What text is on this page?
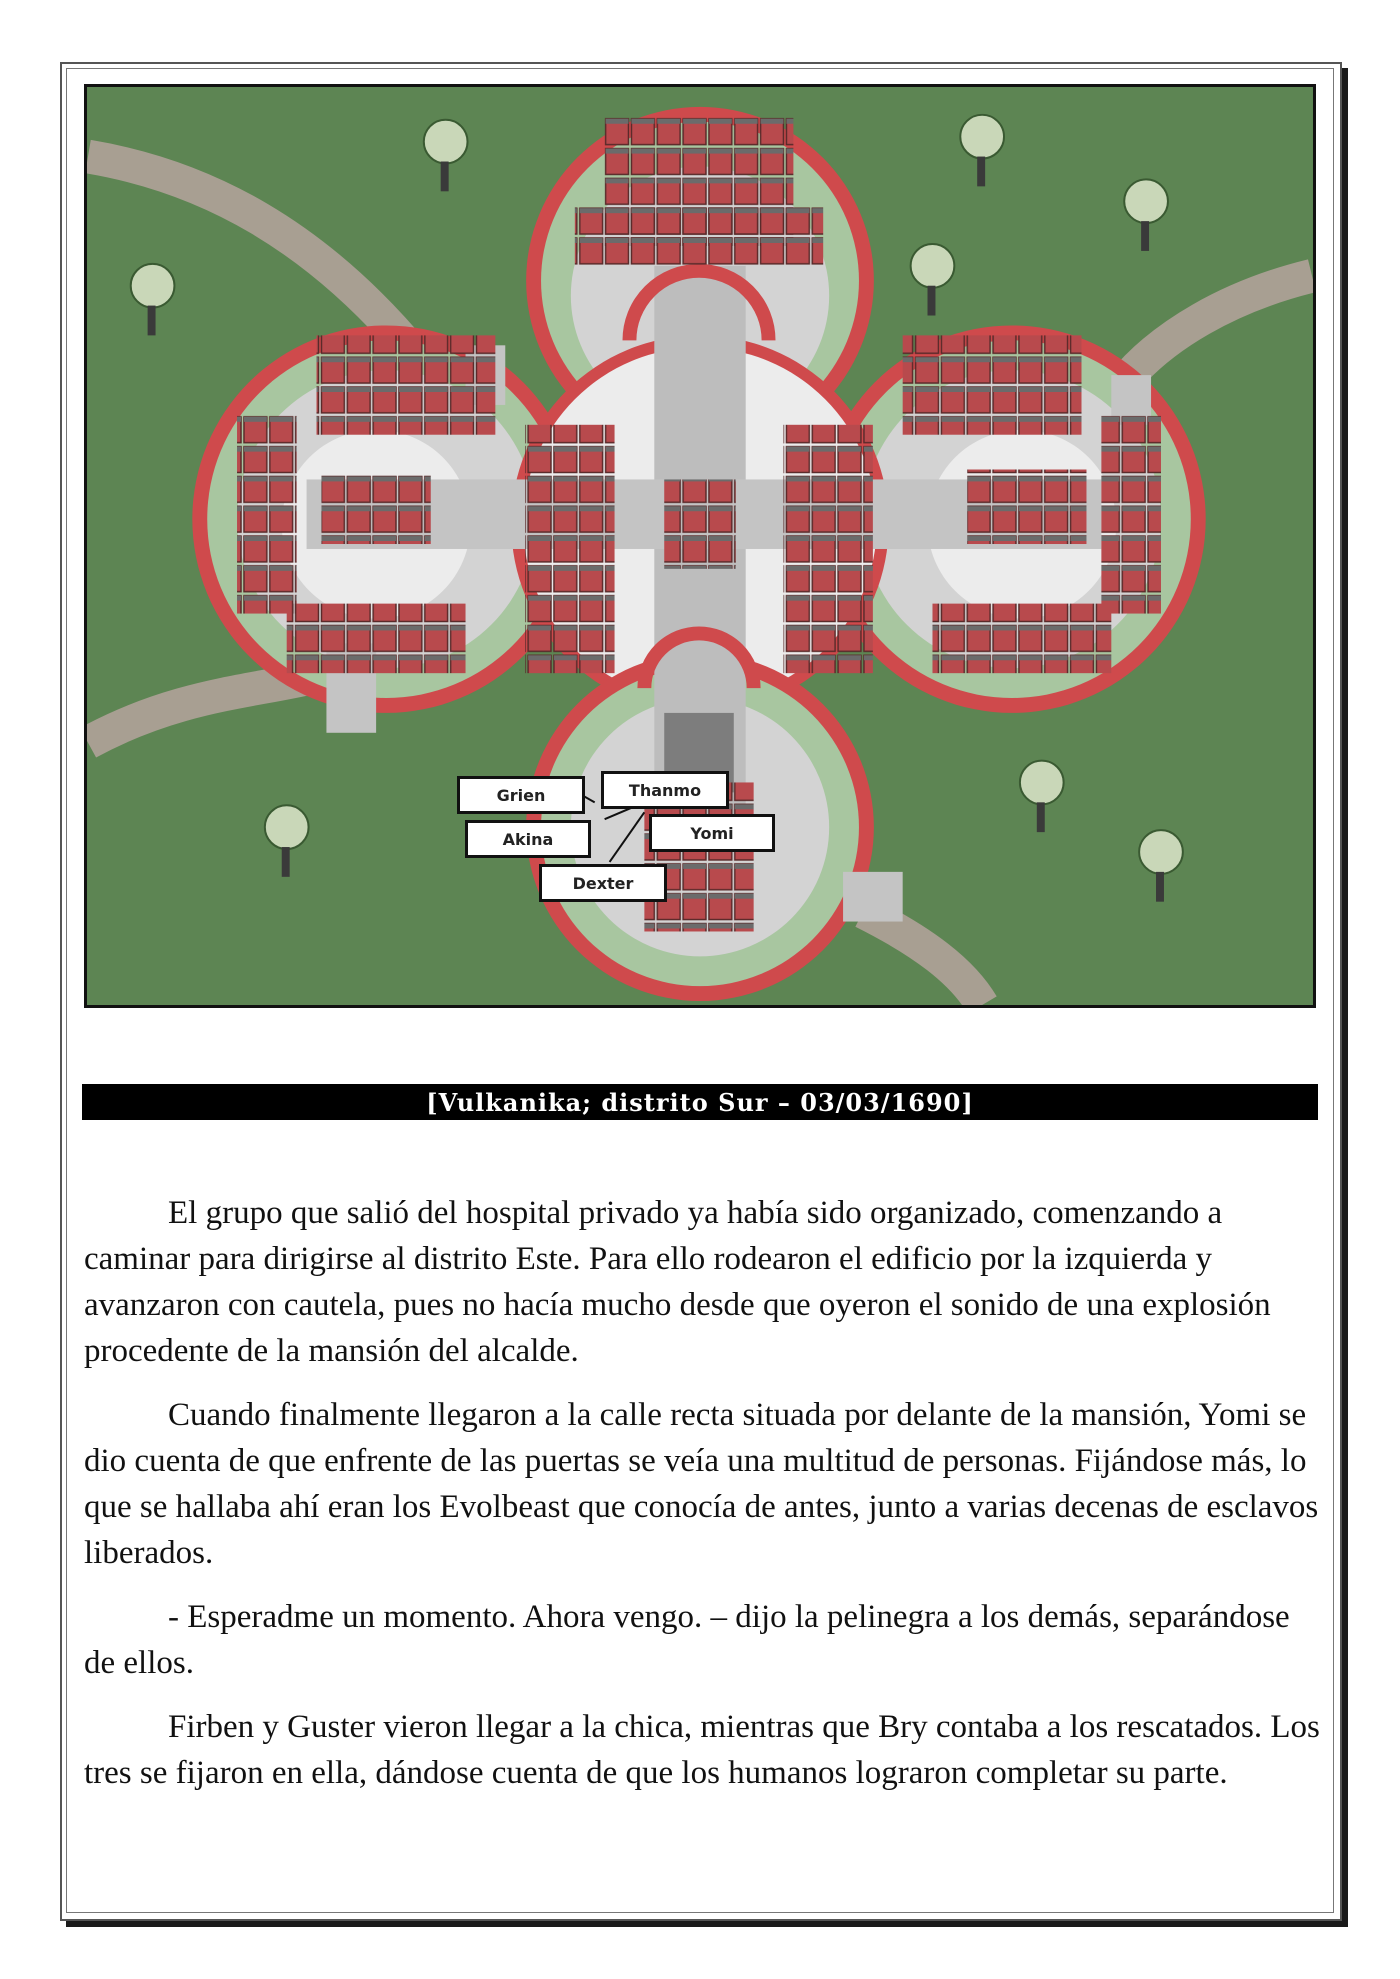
Grien	Thanmo
Akina	Yomi
Dexter
[Vulkanika; distrito Sur – 03/03/1690]

El grupo que salió del hospital privado ya había sido organizado, comenzando a caminar para dirigirse al distrito Este. Para ello rodearon el edificio por la izquierda y avanzaron con cautela, pues no hacía mucho desde que oyeron el sonido de una explosión procedente de la mansión del alcalde.

Cuando finalmente llegaron a la calle recta situada por delante de la mansión, Yomi se dio cuenta de que enfrente de las puertas se veía una multitud de personas. Fijándose más, lo que se hallaba ahí eran los Evolbeast que conocía de antes, junto a varias decenas de esclavos liberados.

- Esperadme un momento. Ahora vengo. – dijo la pelinegra a los demás, separándose de ellos.

Firben y Guster vieron llegar a la chica, mientras que Bry contaba a los rescatados. Los tres se fijaron en ella, dándose cuenta de que los humanos lograron completar su parte.
